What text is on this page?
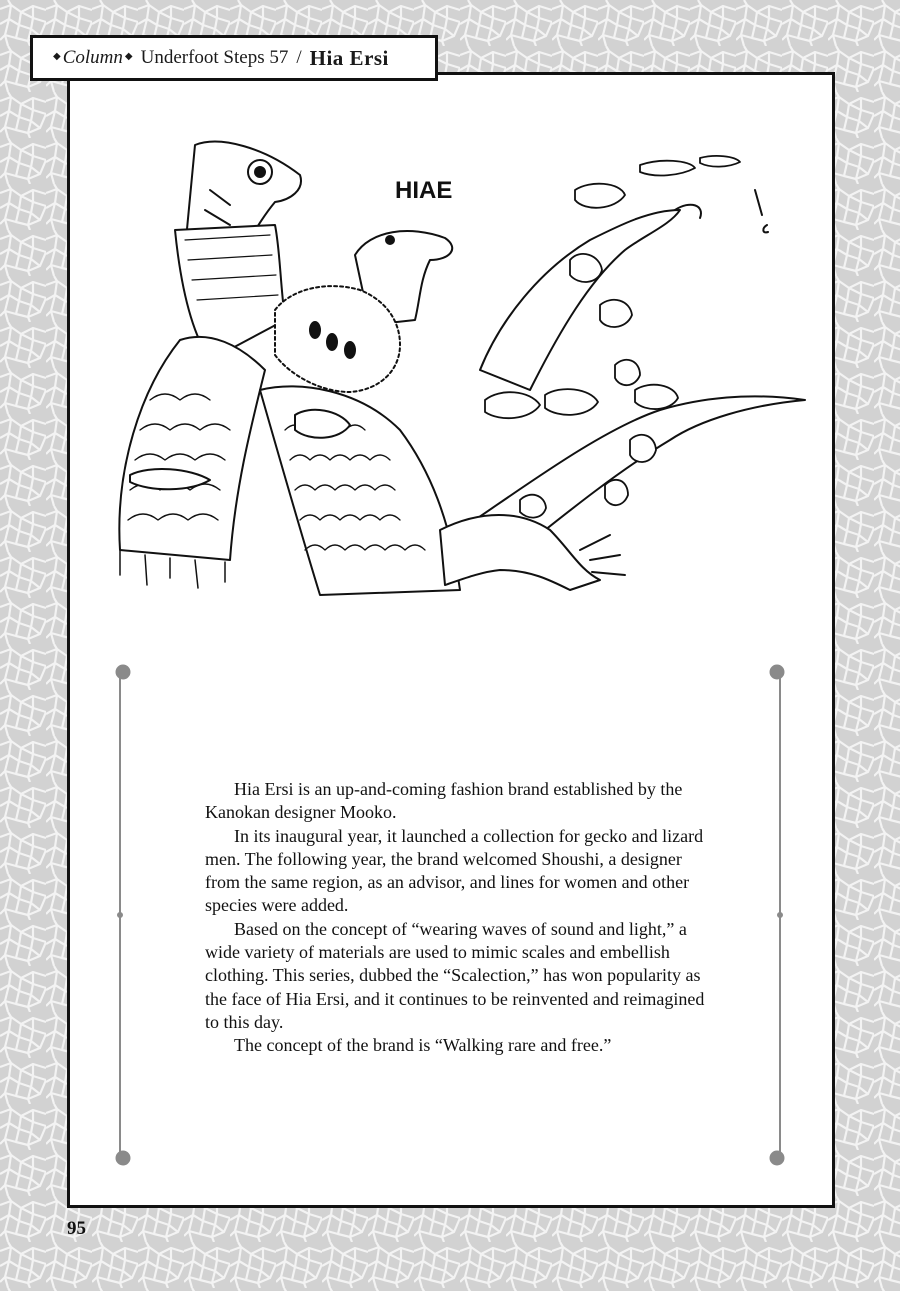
◆ Column ◆ Underfoot Steps 57 / Hia Ersi
HIAE

Hia Ersi is an up-and-coming fashion brand established by the Kanokan designer Mooko.

In its inaugural year, it launched a collection for gecko and lizard men. The following year, the brand welcomed Shoushi, a designer from the same region, as an advisor, and lines for women and other species were added.

Based on the concept of “wearing waves of sound and light,” a wide variety of materials are used to mimic scales and embellish clothing. This series, dubbed the “Scalection,” has won popularity as the face of Hia Ersi, and it continues to be reinvented and reimagined to this day.

The concept of the brand is “Walking rare and free.”

95
